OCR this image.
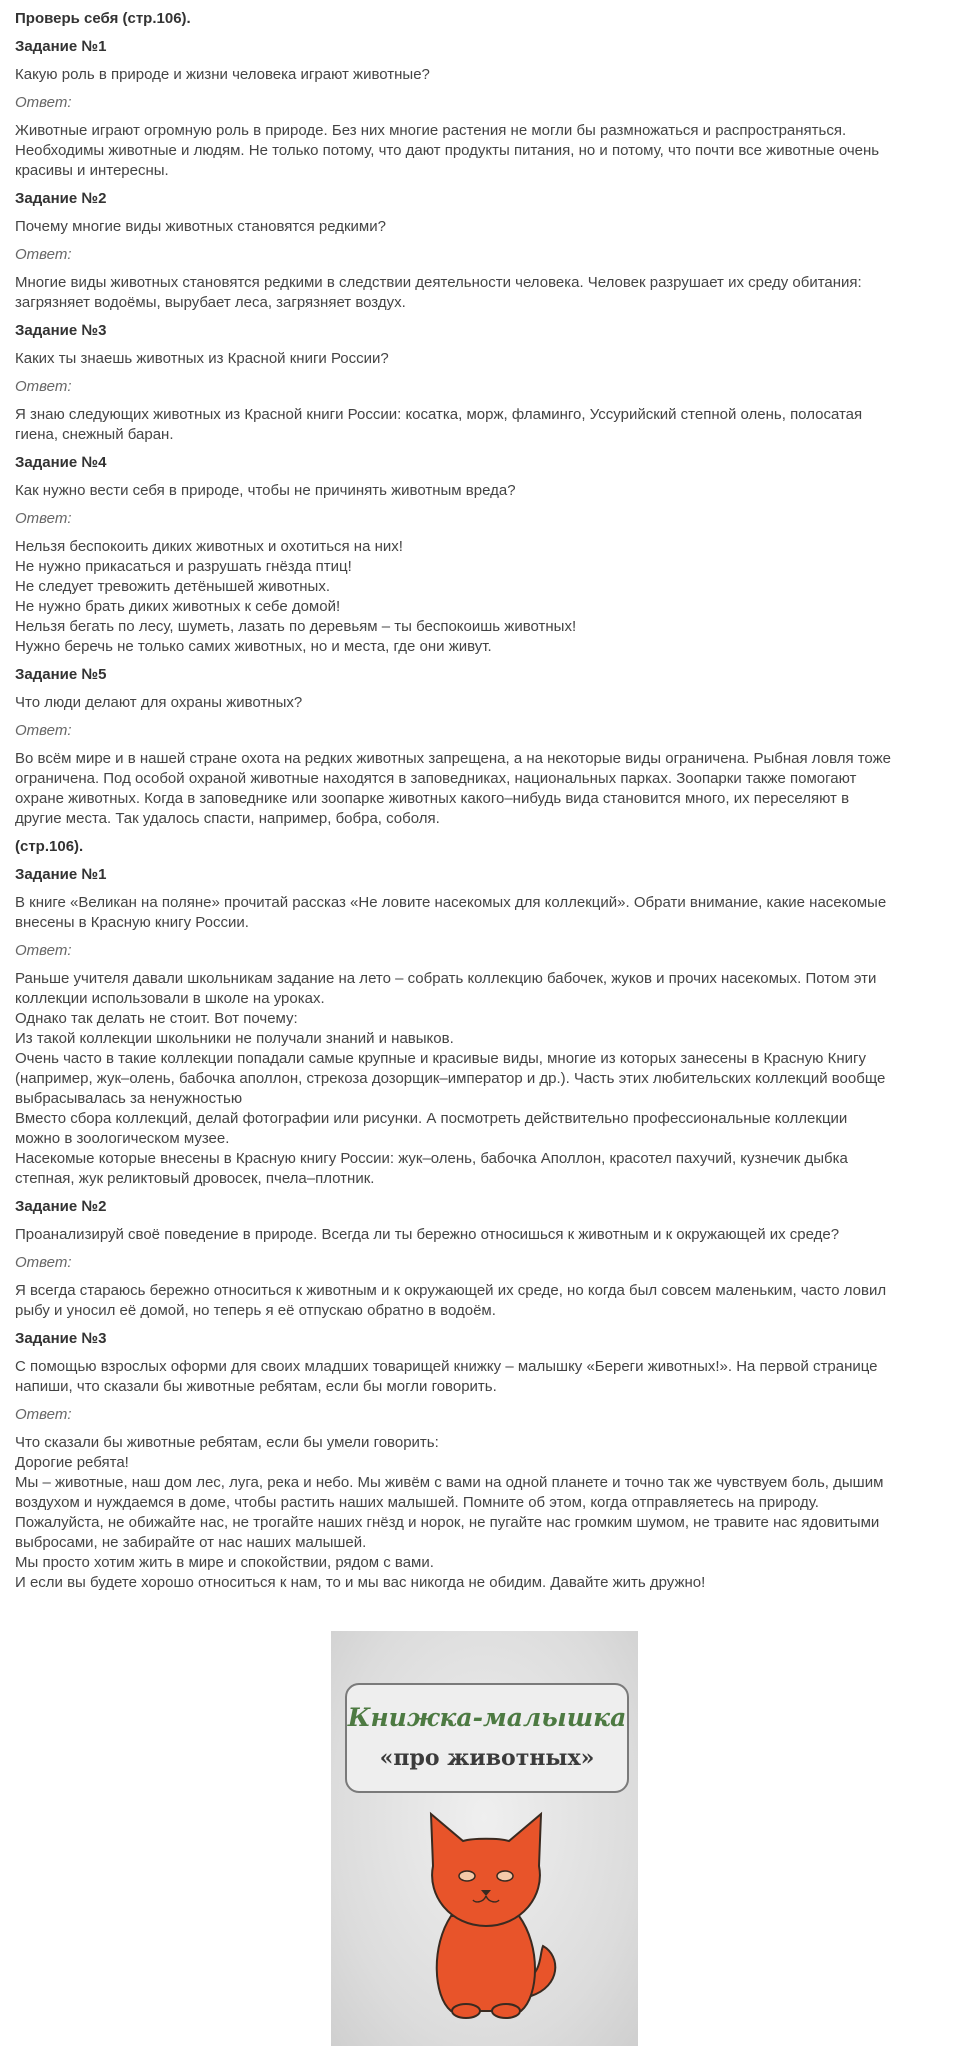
Проверь себя (стр.106).
Задание №1
Какую роль в природе и жизни человека играют животные?
Ответ:
Животные играют огромную роль в природе. Без них многие растения не могли бы размножаться и распространяться.
Необходимы животные и людям. Не только потому, что дают продукты питания, но и потому, что почти все животные очень
красивы и интересны.
Задание №2
Почему многие виды животных становятся редкими?
Ответ:
Многие виды животных становятся редкими в следствии деятельности человека. Человек разрушает их среду обитания:
загрязняет водоёмы, вырубает леса, загрязняет воздух.
Задание №3
Каких ты знаешь животных из Красной книги России?
Ответ:
Я знаю следующих животных из Красной книги России: косатка, морж, фламинго, Уссурийский степной олень, полосатая
гиена, снежный баран.
Задание №4
Как нужно вести себя в природе, чтобы не причинять животным вреда?
Ответ:
Нельзя беспокоить диких животных и охотиться на них!
Не нужно прикасаться и разрушать гнёзда птиц!
Не следует тревожить детёнышей животных.
Не нужно брать диких животных к себе домой!
Нельзя бегать по лесу, шуметь, лазать по деревьям – ты беспокоишь животных!
Нужно беречь не только самих животных, но и места, где они живут.
Задание №5
Что люди делают для охраны животных?
Ответ:
Во всём мире и в нашей стране охота на редких животных запрещена, а на некоторые виды ограничена. Рыбная ловля тоже
ограничена. Под особой охраной животные находятся в заповедниках, национальных парках. Зоопарки также помогают
охране животных. Когда в заповеднике или зоопарке животных какого–нибудь вида становится много, их переселяют в
другие места. Так удалось спасти, например, бобра, соболя.
(стр.106).
Задание №1
В книге «Великан на поляне» прочитай рассказ «Не ловите насекомых для коллекций». Обрати внимание, какие насекомые
внесены в Красную книгу России.
Ответ:
Раньше учителя давали школьникам задание на лето – собрать коллекцию бабочек, жуков и прочих насекомых. Потом эти
коллекции использовали в школе на уроках.
Однако так делать не стоит. Вот почему:
Из такой коллекции школьники не получали знаний и навыков.
Очень часто в такие коллекции попадали самые крупные и красивые виды, многие из которых занесены в Красную Книгу
(например, жук–олень, бабочка аполлон, стрекоза дозорщик–император и др.). Часть этих любительских коллекций вообще
выбрасывалась за ненужностью
Вместо сбора коллекций, делай фотографии или рисунки. А посмотреть действительно профессиональные коллекции
можно в зоологическом музее.
Насекомые которые внесены в Красную книгу России: жук–олень, бабочка Аполлон, красотел пахучий, кузнечик дыбка
степная, жук реликтовый дровосек, пчела–плотник.
Задание №2
Проанализируй своё поведение в природе. Всегда ли ты бережно относишься к животным и к окружающей их среде?
Ответ:
Я всегда стараюсь бережно относиться к животным и к окружающей их среде, но когда был совсем маленьким, часто ловил
рыбу и уносил её домой, но теперь я её отпускаю обратно в водоём.
Задание №3
С помощью взрослых оформи для своих младших товарищей книжку – малышку «Береги животных!». На первой странице
напиши, что сказали бы животные ребятам, если бы могли говорить.
Ответ:
Что сказали бы животные ребятам, если бы умели говорить:
Дорогие ребята!
Мы – животные, наш дом лес, луга, река и небо. Мы живём с вами на одной планете и точно так же чувствуем боль, дышим
воздухом и нуждаемся в доме, чтобы растить наших малышей. Помните об этом, когда отправляетесь на природу.
Пожалуйста, не обижайте нас, не трогайте наших гнёзд и норок, не пугайте нас громким шумом, не травите нас ядовитыми
выбросами, не забирайте от нас наших малышей.
Мы просто хотим жить в мире и спокойствии, рядом с вами.
И если вы будете хорошо относиться к нам, то и мы вас никогда не обидим. Давайте жить дружно!
Книжка-малышка
«про животных»
